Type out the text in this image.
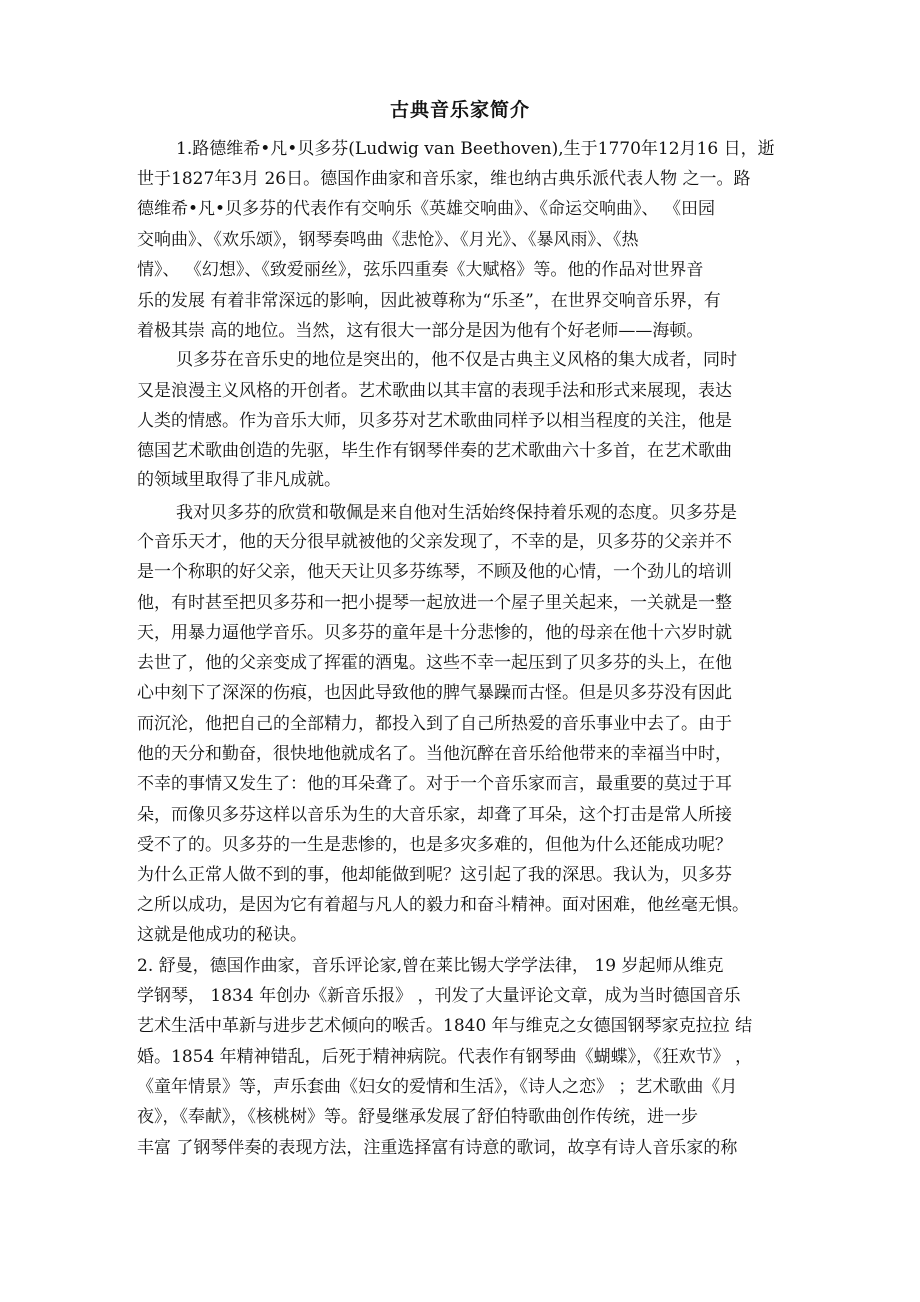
古典音乐家简介

1.路德维希•凡•贝多芬(Ludwig van Beethoven),生于1770年12月16 日，逝

世于1827年3月 26日。德国作曲家和音乐家，维也纳古典乐派代表人物 之一。路

德维希•凡•贝多芬的代表作有交响乐《英雄交响曲》、《命运交响曲》、 《田园

交响曲》、《欢乐颂》，钢琴奏鸣曲《悲怆》、《月光》、《暴风雨》、《热

情》、 《幻想》、《致爱丽丝》，弦乐四重奏《大赋格》等。他的作品对世界音

乐的发展 有着非常深远的影响，因此被尊称为“乐圣”，在世界交响音乐界，有

着极其崇 高的地位。当然，这有很大一部分是因为他有个好老师——海顿。

贝多芬在音乐史的地位是突出的，他不仅是古典主义风格的集大成者，同时

又是浪漫主义风格的开创者。艺术歌曲以其丰富的表现手法和形式来展现，表达

人类的情感。作为音乐大师，贝多芬对艺术歌曲同样予以相当程度的关注，他是

德国艺术歌曲创造的先驱，毕生作有钢琴伴奏的艺术歌曲六十多首，在艺术歌曲

的领域里取得了非凡成就。

我对贝多芬的欣赏和敬佩是来自他对生活始终保持着乐观的态度。贝多芬是

个音乐天才，他的天分很早就被他的父亲发现了，不幸的是，贝多芬的父亲并不

是一个称职的好父亲，他天天让贝多芬练琴，不顾及他的心情，一个劲儿的培训

他，有时甚至把贝多芬和一把小提琴一起放进一个屋子里关起来，一关就是一整

天，用暴力逼他学音乐。贝多芬的童年是十分悲惨的，他的母亲在他十六岁时就

去世了，他的父亲变成了挥霍的酒鬼。这些不幸一起压到了贝多芬的头上，在他

心中刻下了深深的伤痕，也因此导致他的脾气暴躁而古怪。但是贝多芬没有因此

而沉沦，他把自己的全部精力，都投入到了自己所热爱的音乐事业中去了。由于

他的天分和勤奋，很快地他就成名了。当他沉醉在音乐给他带来的幸福当中时，

不幸的事情又发生了：他的耳朵聋了。对于一个音乐家而言，最重要的莫过于耳

朵，而像贝多芬这样以音乐为生的大音乐家，却聋了耳朵，这个打击是常人所接

受不了的。贝多芬的一生是悲惨的，也是多灾多难的，但他为什么还能成功呢？

为什么正常人做不到的事，他却能做到呢？这引起了我的深思。我认为，贝多芬

之所以成功，是因为它有着超与凡人的毅力和奋斗精神。面对困难，他丝毫无惧。

这就是他成功的秘诀。

2. 舒曼，德国作曲家，音乐评论家,曾在莱比锡大学学法律， 19 岁起师从维克

学钢琴， 1834 年创办《新音乐报》 ，刊发了大量评论文章，成为当时德国音乐

艺术生活中革新与进步艺术倾向的喉舌。1840 年与维克之女德国钢琴家克拉拉 结

婚。1854 年精神错乱，后死于精神病院。代表作有钢琴曲《蝴蝶》，《狂欢节》 ，

《童年情景》等，声乐套曲《妇女的爱情和生活》，《诗人之恋》 ；艺术歌曲《月

夜》，《奉献》，《核桃树》等。舒曼继承发展了舒伯特歌曲创作传统，进一步

丰富 了钢琴伴奏的表现方法，注重选择富有诗意的歌词，故享有诗人音乐家的称
